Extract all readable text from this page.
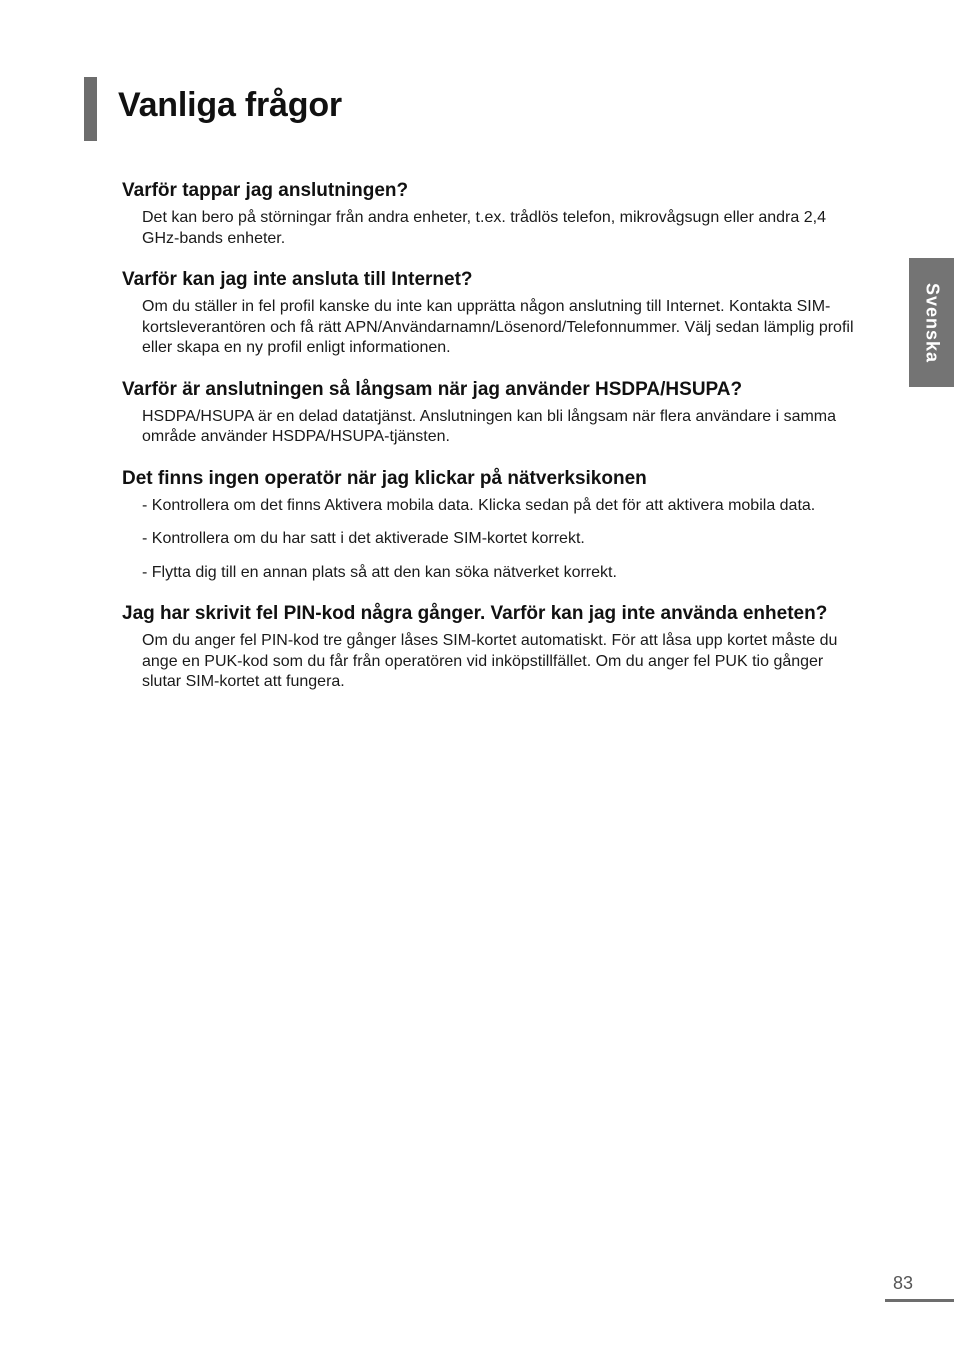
Vanliga frågor
Svenska
Varför tappar jag anslutningen?

Det kan bero på störningar från andra enheter, t.ex. trådlös telefon, mikrovågsugn eller andra 2,4 GHz-bands enheter.

Varför kan jag inte ansluta till Internet?

Om du ställer in fel profil kanske du inte kan upprätta någon anslutning till Internet. Kontakta SIM-kortsleverantören och få rätt APN/Användarnamn/Lösenord/Telefonnummer. Välj sedan lämplig profil eller skapa en ny profil enligt informationen.

Varför är anslutningen så långsam när jag använder HSDPA/HSUPA?

HSDPA/HSUPA är en delad datatjänst. Anslutningen kan bli långsam när flera användare i samma område använder HSDPA/HSUPA-tjänsten.

Det finns ingen operatör när jag klickar på nätverksikonen
- Kontrollera om det finns Aktivera mobila data. Klicka sedan på det för att aktivera mobila data.
- Kontrollera om du har satt i det aktiverade SIM-kortet korrekt.
- Flytta dig till en annan plats så att den kan söka nätverket korrekt.
Jag har skrivit fel PIN-kod några gånger. Varför kan jag inte använda enheten?

Om du anger fel PIN-kod tre gånger låses SIM-kortet automatiskt. För att låsa upp kortet måste du ange en PUK-kod som du får från operatören vid inköpstillfället. Om du anger fel PUK tio gånger slutar SIM-kortet att fungera.

83
